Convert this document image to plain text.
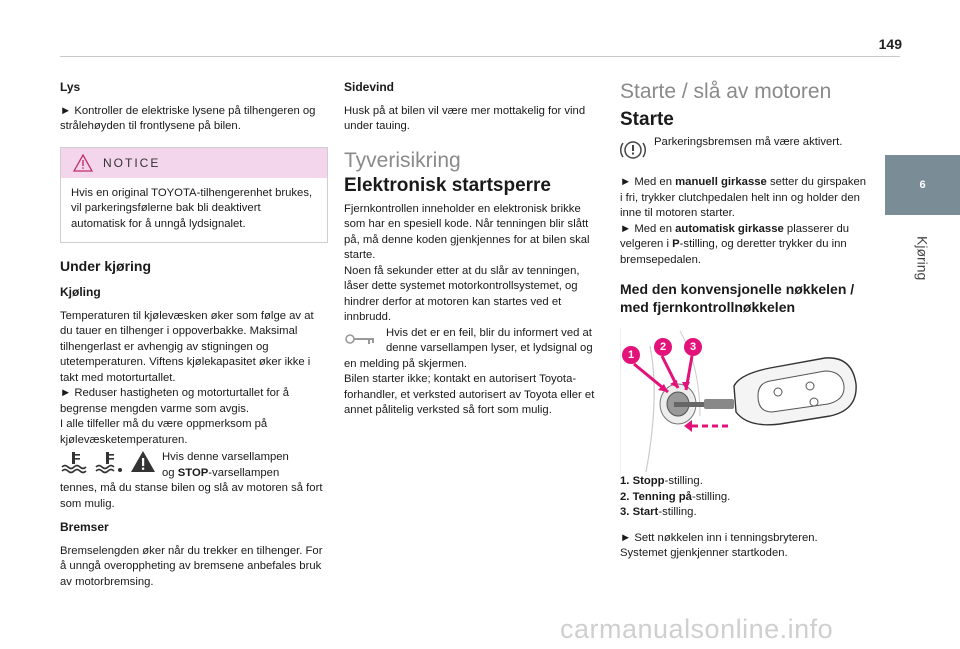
149

Lys

► Kontroller de elektriske lysene på tilhengeren og strålehøyden til frontlysene på bilen.

NOTICE

Hvis en original TOYOTA-tilhengerenhet brukes, vil parkeringsfølerne bak bli deaktivert automatisk for å unngå lydsignalet.

Under kjøring

Kjøling

Temperaturen til kjølevæsken øker som følge av at du tauer en tilhenger i oppoverbakke. Maksimal tilhengerlast er avhengig av stigningen og utetemperaturen. Viftens kjølekapasitet øker ikke i takt med motorturtallet.

► Reduser hastigheten og motorturtallet for å begrense mengden varme som avgis.

I alle tilfeller må du være oppmerksom på kjølevæsketemperaturen.

Hvis denne varsellampen

og STOP-varsellampen

tennes, må du stanse bilen og slå av motoren så fort som mulig.

Bremser

Bremselengden øker når du trekker en tilhenger. For å unngå overoppheting av bremsene anbefales bruk av motorbremsing.

Sidevind

Husk på at bilen vil være mer mottakelig for vind under tauing.

Tyverisikring

Elektronisk startsperre

Fjernkontrollen inneholder en elektronisk brikke som har en spesiell kode. Når tenningen blir slått på, må denne koden gjenkjennes for at bilen skal starte.

Noen få sekunder etter at du slår av tenningen, låser dette systemet motorkontrollsystemet, og hindrer derfor at motoren kan startes ved et innbrudd.

Hvis det er en feil, blir du informert ved at

denne varsellampen lyser, et lydsignal og

en melding på skjermen.

Bilen starter ikke; kontakt en autorisert Toyota-forhandler, et verksted autorisert av Toyota eller et annet pålitelig verksted så fort som mulig.

Starte / slå av motoren

Starte

Parkeringsbremsen må være aktivert.

► Med en manuell girkasse setter du girspaken i fri, trykker clutchpedalen helt inn og holder den inne til motoren starter.

► Med en automatisk girkasse plasserer du velgeren i P-stilling, og deretter trykker du inn bremsepedalen.

Med den konvensjonelle nøkkelen / med fjernkontrollnøkkelen

1
2	3

1. Stopp-stilling.

2. Tenning på-stilling.

3. Start-stilling.

► Sett nøkkelen inn i tenningsbryteren.

Systemet gjenkjenner startkoden.

6
Kjøring
carmanualsonline.info
